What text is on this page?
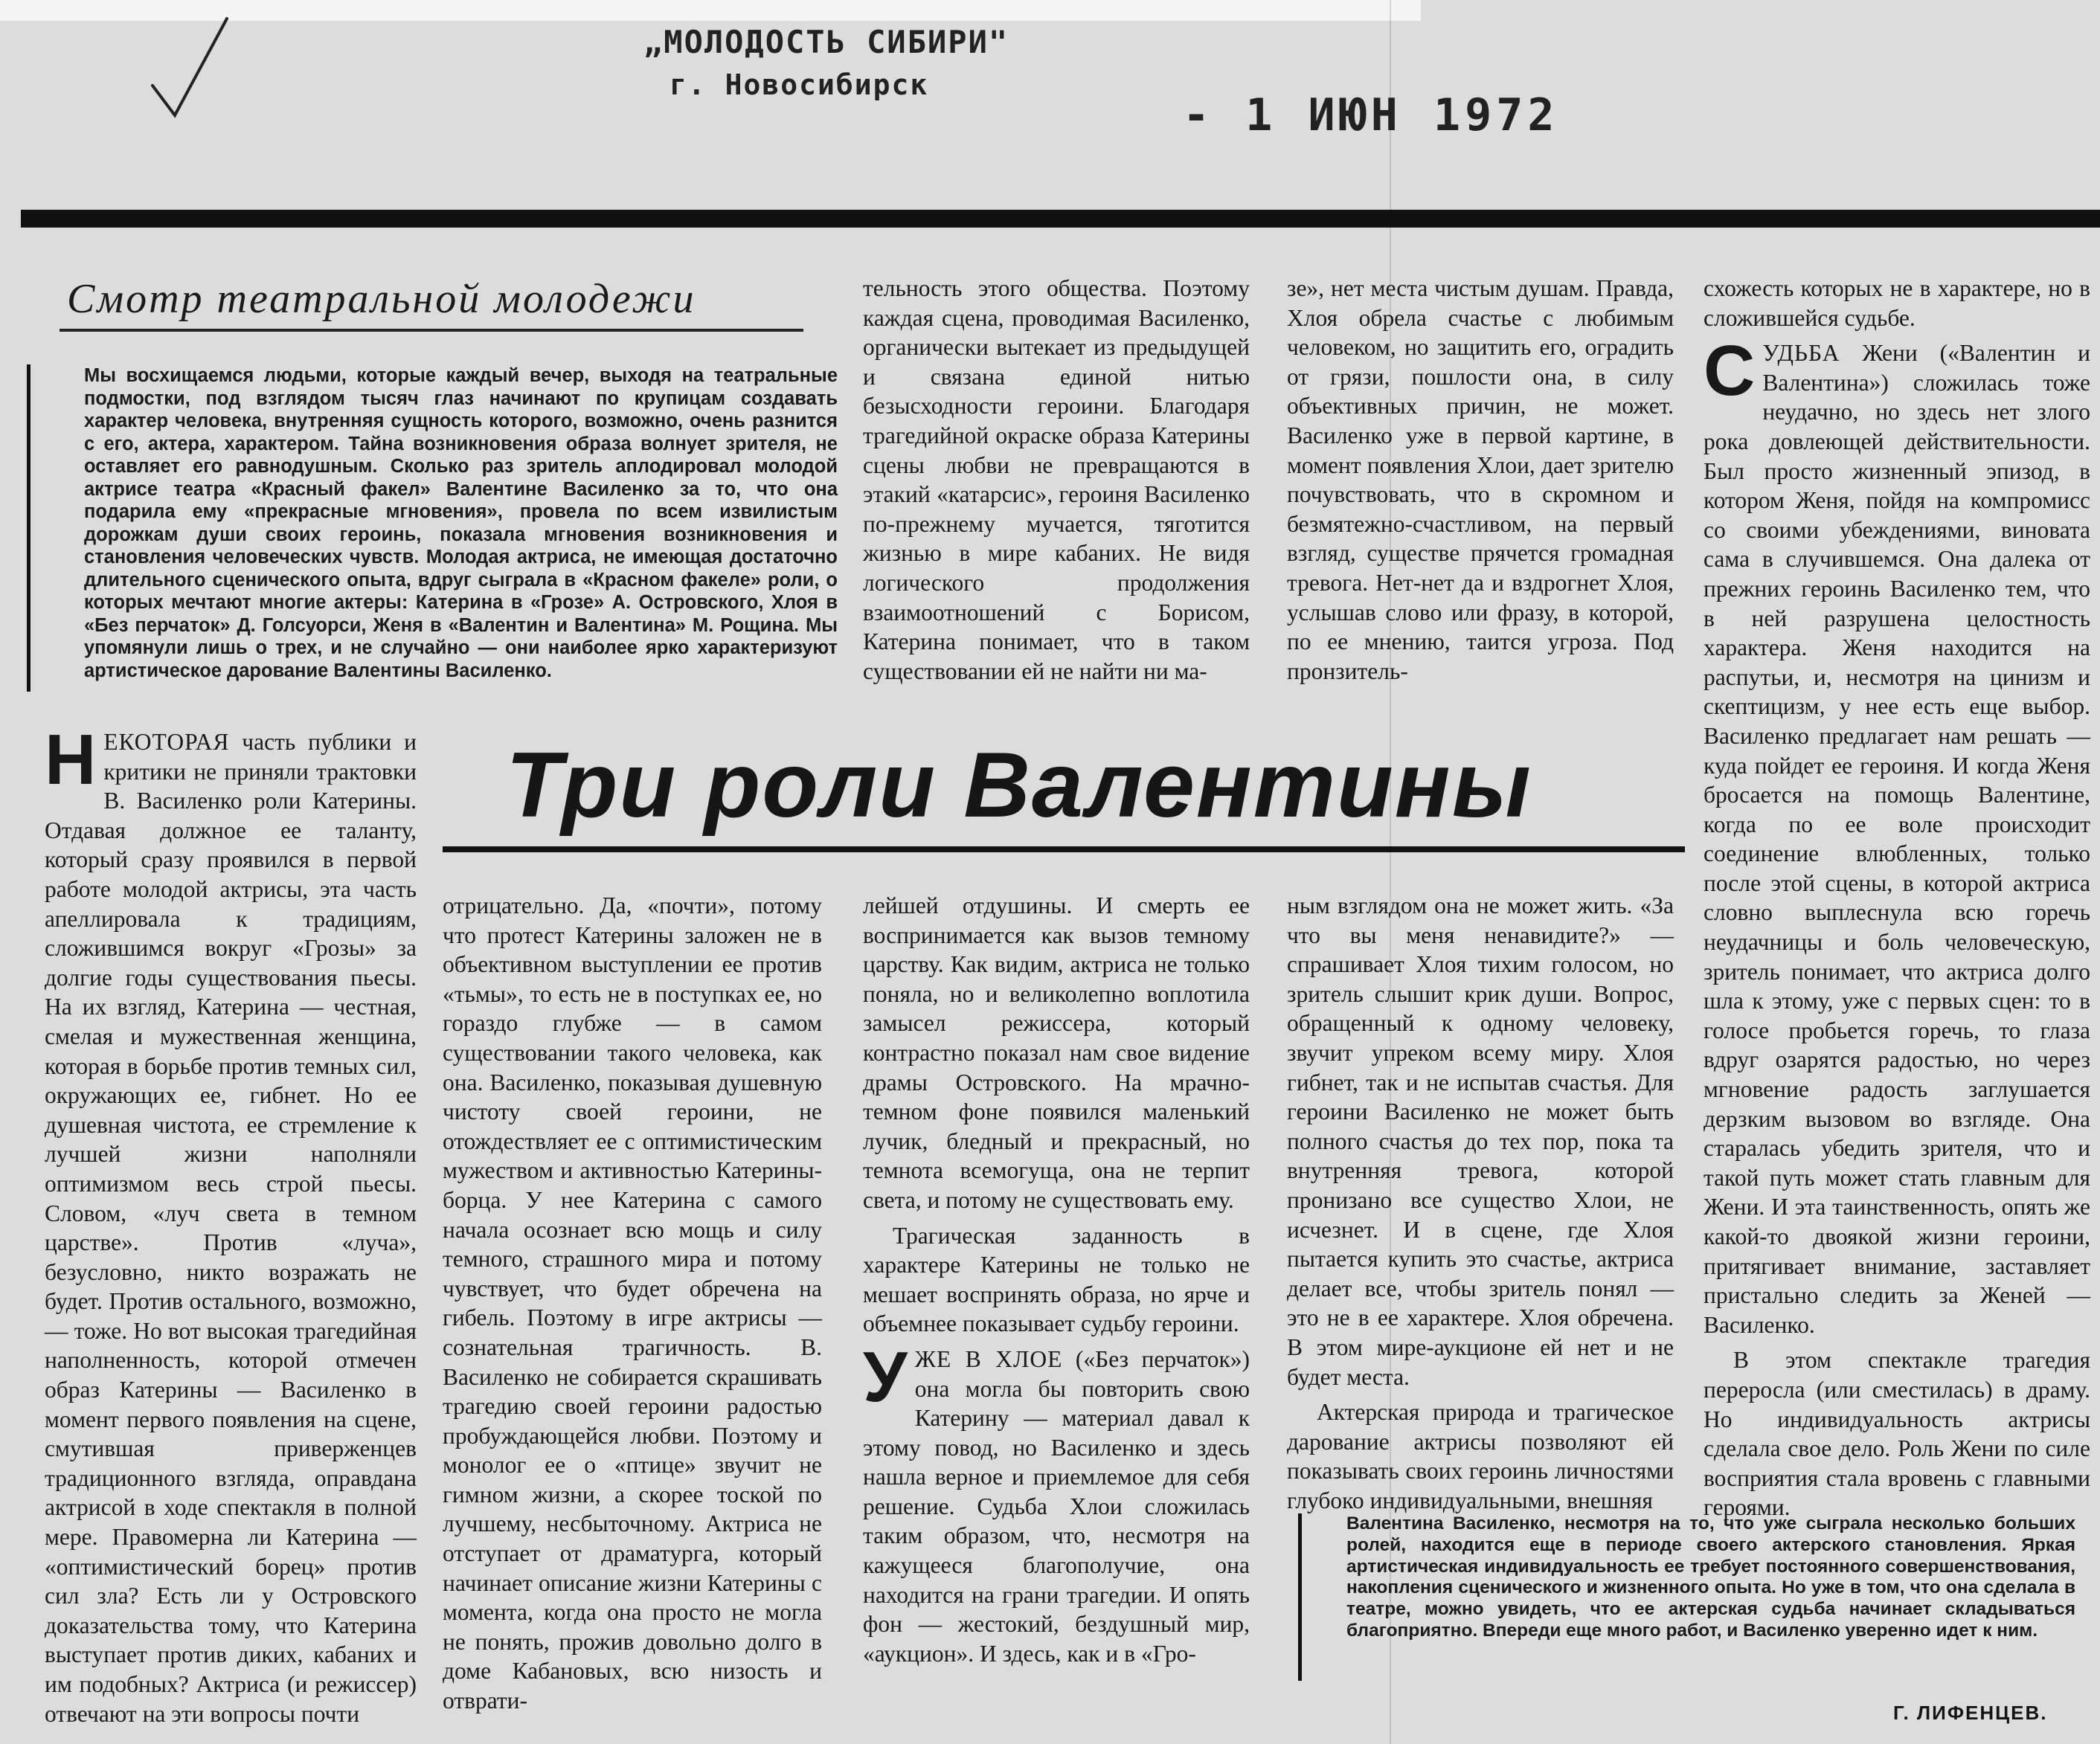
„МОЛОДОСТЬ СИБИРИ"
г. Новосибирск
- 1 ИЮН 1972
Смотр театральной молодежи
Мы восхищаемся людьми, которые каждый вечер, выходя на театральные подмостки, под взглядом тысяч глаз начинают по крупицам создавать характер человека, внутренняя сущность которого, возможно, очень разнится с его, актера, характером. Тайна возникновения образа волнует зрителя, не оставляет его равнодушным. Сколько раз зритель аплодировал молодой актрисе театра «Красный факел» Валентине Василенко за то, что она подарила ему «прекрасные мгновения», провела по всем извилистым дорожкам души своих героинь, показала мгновения возникновения и становления человеческих чувств. Молодая актриса, не имеющая достаточно длительного сценического опыта, вдруг сыграла в «Красном факеле» роли, о которых мечтают многие актеры: Катерина в «Грозе» А. Островского, Хлоя в «Без перчаток» Д. Голсуорси, Женя в «Валентин и Валентина» М. Рощина. Мы упомянули лишь о трех, и не случайно — они наиболее ярко характеризуют артистическое дарование Валентины Василенко.
Три роли Валентины

НЕКОТОРАЯ часть публики и критики не приняли трактовки В. Василенко роли Катерины. Отдавая должное ее таланту, который сразу проявился в первой работе молодой актрисы, эта часть апеллировала к традициям, сложившимся вокруг «Грозы» за долгие годы существования пьесы. На их взгляд, Катерина — честная, смелая и мужественная женщина, которая в борьбе против темных сил, окружающих ее, гибнет. Но ее душевная чистота, ее стремление к лучшей жизни наполняли оптимизмом весь строй пьесы. Словом, «луч света в темном царстве». Против «луча», безусловно, никто возражать не будет. Против остального, возможно, — тоже. Но вот высокая трагедийная наполненность, которой отмечен образ Катерины — Василенко в момент первого появления на сцене, смутившая приверженцев традиционного взгляда, оправдана актрисой в ходе спектакля в полной мере. Правомерна ли Катерина — «оптимистический борец» против сил зла? Есть ли у Островского доказательства тому, что Катерина выступает против диких, кабаних и им подобных? Актриса (и режиссер) отвечают на эти вопросы почти

отрицательно. Да, «почти», потому что протест Катерины заложен не в объективном выступлении ее против «тьмы», то есть не в поступках ее, но гораздо глубже — в самом существовании такого человека, как она. Василенко, показывая душевную чистоту своей героини, не отождествляет ее с оптимистическим мужеством и активностью Катерины-борца. У нее Катерина с самого начала осознает всю мощь и силу темного, страшного мира и потому чувствует, что будет обречена на гибель. Поэтому в игре актрисы — сознательная трагичность. В. Василенко не собирается скрашивать трагедию своей героини радостью пробуждающейся любви. Поэтому и монолог ее о «птице» звучит не гимном жизни, а скорее тоской по лучшему, несбыточному. Актриса не отступает от драматурга, который начинает описание жизни Катерины с момента, когда она просто не могла не понять, прожив довольно долго в доме Кабановых, всю низость и отврати-

тельность этого общества. Поэтому каждая сцена, проводимая Василенко, органически вытекает из предыдущей и связана единой нитью безысходности героини. Благодаря трагедийной окраске образа Катерины сцены любви не превращаются в этакий «катарсис», героиня Василенко по-прежнему мучается, тяготится жизнью в мире кабаних. Не видя логического продолжения взаимоотношений с Борисом, Катерина понимает, что в таком существовании ей не найти ни ма-

лейшей отдушины. И смерть ее воспринимается как вызов темному царству. Как видим, актриса не только поняла, но и великолепно воплотила замысел режиссера, который контрастно показал нам свое видение драмы Островского. На мрачно-темном фоне появился маленький лучик, бледный и прекрасный, но темнота всемогуща, она не терпит света, и потому не существовать ему.

Трагическая заданность в характере Катерины не только не мешает воспринять образа, но ярче и объемнее показывает судьбу героини.

УЖЕ В ХЛОЕ («Без перчаток») она могла бы повторить свою Катерину — материал давал к этому повод, но Василенко и здесь нашла верное и приемлемое для себя решение. Судьба Хлои сложилась таким образом, что, несмотря на кажущееся благополучие, она находится на грани трагедии. И опять фон — жестокий, бездушный мир, «аукцион». И здесь, как и в «Гро-

зе», нет места чистым душам. Правда, Хлоя обрела счастье с любимым человеком, но защитить его, оградить от грязи, пошлости она, в силу объективных причин, не может. Василенко уже в первой картине, в момент появления Хлои, дает зрителю почувствовать, что в скромном и безмятежно-счастливом, на первый взгляд, существе прячется громадная тревога. Нет-нет да и вздрогнет Хлоя, услышав слово или фразу, в которой, по ее мнению, таится угроза. Под пронзитель-

ным взглядом она не может жить. «За что вы меня ненавидите?» — спрашивает Хлоя тихим голосом, но зритель слышит крик души. Вопрос, обращенный к одному человеку, звучит упреком всему миру. Хлоя гибнет, так и не испытав счастья. Для героини Василенко не может быть полного счастья до тех пор, пока та внутренняя тревога, которой пронизано все существо Хлои, не исчезнет. И в сцене, где Хлоя пытается купить это счастье, актриса делает все, чтобы зритель понял — это не в ее характере. Хлоя обречена. В этом мире-аукционе ей нет и не будет места.

Актерская природа и трагическое дарование актрисы позволяют ей показывать своих героинь личностями глубоко индивидуальными, внешняя

схожесть которых не в характере, но в сложившейся судьбе.

СУДЬБА Жени («Валентин и Валентина») сложилась тоже неудачно, но здесь нет злого рока довлеющей действительности. Был просто жизненный эпизод, в котором Женя, пойдя на компромисс со своими убеждениями, виновата сама в случившемся. Она далека от прежних героинь Василенко тем, что в ней разрушена целостность характера. Женя находится на распутьи, и, несмотря на цинизм и скептицизм, у нее есть еще выбор. Василенко предлагает нам решать — куда пойдет ее героиня. И когда Женя бросается на помощь Валентине, когда по ее воле происходит соединение влюбленных, только после этой сцены, в которой актриса словно выплеснула всю горечь неудачницы и боль человеческую, зритель понимает, что актриса долго шла к этому, уже с первых сцен: то в голосе пробьется горечь, то глаза вдруг озарятся радостью, но через мгновение радость заглушается дерзким вызовом во взгляде. Она старалась убедить зрителя, что и такой путь может стать главным для Жени. И эта таинственность, опять же какой-то двоякой жизни героини, притягивает внимание, заставляет пристально следить за Женей — Василенко.

В этом спектакле трагедия переросла (или сместилась) в драму. Но индивидуальность актрисы сделала свое дело. Роль Жени по силе восприятия стала вровень с главными героями.

Валентина Василенко, несмотря на то, что уже сыграла несколько больших ролей, находится еще в периоде своего актерского становления. Яркая артистическая индивидуальность ее требует постоянного совершенствования, накопления сценического и жизненного опыта. Но уже в том, что она сделала в театре, можно увидеть, что ее актерская судьба начинает складываться благоприятно. Впереди еще много работ, и Василенко уверенно идет к ним.
Г. ЛИФЕНЦЕВ.
